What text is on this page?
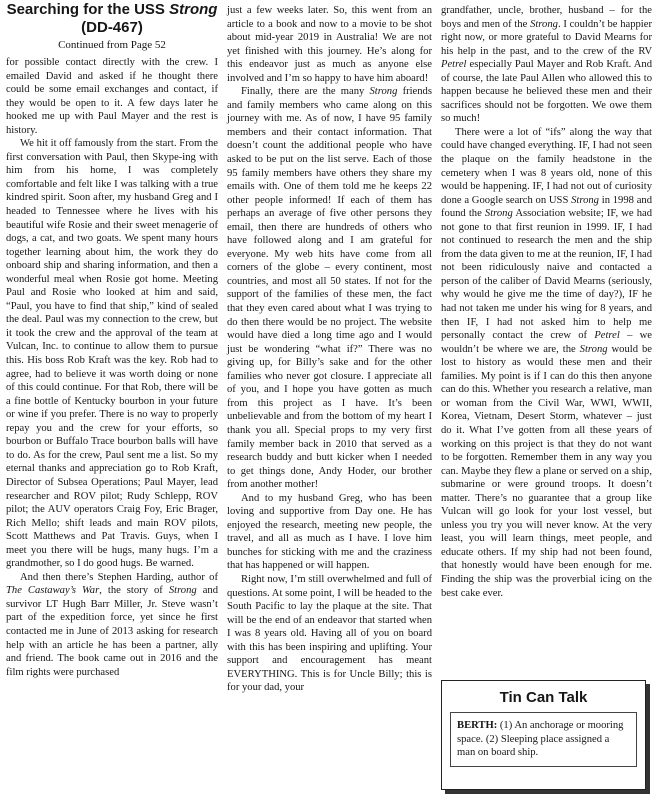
Searching for the USS Strong
(DD-467)
Continued from Page 52

for possible contact directly with the crew. I emailed David and asked if he thought there could be some email exchanges and contact, if they would be open to it. A few days later he hooked me up with Paul Mayer and the rest is history.

We hit it off famously from the start. From the first conversation with Paul, then Skype-ing with him from his home, I was completely comfortable and felt like I was talking with a true kindred spirit. Soon after, my husband Greg and I headed to Tennessee where he lives with his beautiful wife Rosie and their sweet menagerie of dogs, a cat, and two goats. We spent many hours together learning about him, the work they do onboard ship and sharing information, and then a wonderful meal when Rosie got home. Meeting Paul and Rosie who looked at him and said, “Paul, you have to find that ship,” kind of sealed the deal. Paul was my connection to the crew, but it took the crew and the approval of the team at Vulcan, Inc. to continue to allow them to pursue this. His boss Rob Kraft was the key. Rob had to agree, had to believe it was worth doing or none of this could continue. For that Rob, there will be a fine bottle of Kentucky bourbon in your future or wine if you prefer. There is no way to properly repay you and the crew for your efforts, so bourbon or Buffalo Trace bourbon balls will have to do. As for the crew, Paul sent me a list. So my eternal thanks and appreciation go to Rob Kraft, Director of Subsea Operations; Paul Mayer, lead researcher and ROV pilot; Rudy Schlepp, ROV pilot; the AUV operators Craig Foy, Eric Brager, Rich Mello; shift leads and main ROV pilots, Scott Matthews and Pat Travis. Guys, when I meet you there will be hugs, many hugs. I’m a grandmother, so I do good hugs. Be warned.

And then there’s Stephen Harding, author of The Castaway’s War, the story of Strong and survivor LT Hugh Barr Miller, Jr. Steve wasn’t part of the expedition force, yet since he first contacted me in June of 2013 asking for research help with an article he has been a partner, ally and friend. The book came out in 2016 and the film rights were purchased

just a few weeks later. So, this went from an article to a book and now to a movie to be shot about mid-year 2019 in Australia! We are not yet finished with this journey. He’s along for this endeavor just as much as anyone else involved and I’m so happy to have him aboard!

Finally, there are the many Strong friends and family members who came along on this journey with me. As of now, I have 95 family members and their contact information. That doesn’t count the additional people who have asked to be put on the list serve. Each of those 95 family members have others they share my emails with. One of them told me he keeps 22 other people informed! If each of them has perhaps an average of five other persons they email, then there are hundreds of others who have followed along and I am grateful for everyone. My web hits have come from all corners of the globe – every continent, most countries, and most all 50 states. If not for the support of the families of these men, the fact that they even cared about what I was trying to do then there would be no project. The website would have died a long time ago and I would just be wondering “what if?” There was no giving up, for Billy’s sake and for the other families who never got closure. I appreciate all of you, and I hope you have gotten as much from this project as I have. It’s been unbelievable and from the bottom of my heart I thank you all. Special props to my very first family member back in 2010 that served as a research buddy and butt kicker when I needed to get things done, Andy Hoder, our brother from another mother!

And to my husband Greg, who has been loving and supportive from Day one. He has enjoyed the research, meeting new people, the travel, and all as much as I have. I love him bunches for sticking with me and the craziness that has happened or will happen.

Right now, I’m still overwhelmed and full of questions. At some point, I will be headed to the South Pacific to lay the plaque at the site. That will be the end of an endeavor that started when I was 8 years old. Having all of you on board with this has been inspiring and uplifting. Your support and encouragement has meant EVERYTHING. This is for Uncle Billy; this is for your dad, your

grandfather, uncle, brother, husband – for the boys and men of the Strong. I couldn’t be happier right now, or more grateful to David Mearns for his help in the past, and to the crew of the RV Petrel especially Paul Mayer and Rob Kraft. And of course, the late Paul Allen who allowed this to happen because he believed these men and their sacrifices should not be forgotten. We owe them so much!

There were a lot of “ifs” along the way that could have changed everything. IF, I had not seen the plaque on the family headstone in the cemetery when I was 8 years old, none of this would be happening. IF, I had not out of curiosity done a Google search on USS Strong in 1998 and found the Strong Association website; IF, we had not gone to that first reunion in 1999. IF, I had not continued to research the men and the ship from the data given to me at the reunion, IF, I had not been ridiculously naive and contacted a person of the caliber of David Mearns (seriously, why would he give me the time of day?), IF he had not taken me under his wing for 8 years, and then IF, I had not asked him to help me personally contact the crew of Petrel – we wouldn’t be where we are, the Strong would be lost to history as would these men and their families. My point is if I can do this then anyone can do this. Whether you research a relative, man or woman from the Civil War, WWI, WWII, Korea, Vietnam, Desert Storm, whatever – just do it. What I’ve gotten from all these years of working on this project is that they do not want to be forgotten. Remember them in any way you can. Maybe they flew a plane or served on a ship, submarine or were ground troops. It doesn’t matter. There’s no guarantee that a group like Vulcan will go look for your lost vessel, but unless you try you will never know. At the very least, you will learn things, meet people, and educate others. If my ship had not been found, that honestly would have been enough for me. Finding the ship was the proverbial icing on the best cake ever.

Tin Can Talk
BERTH: (1) An anchorage or mooring space. (2) Sleeping place assigned a man on board ship.
